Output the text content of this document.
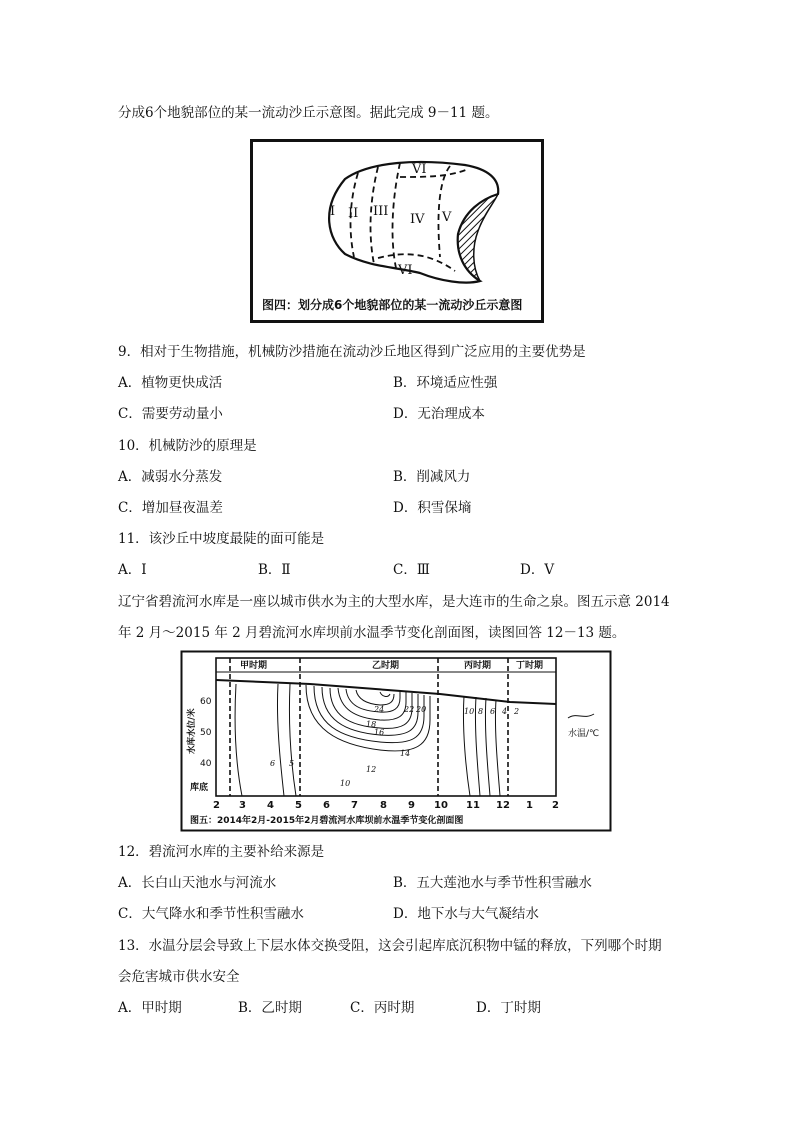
分成6个地貌部位的某一流动沙丘示意图。据此完成 9－11 题。
I II III
IV V
VI
VI
图四：划分成6个地貌部位的某一流动沙丘示意图
9．相对于生物措施，机械防沙措施在流动沙丘地区得到广泛应用的主要优势是
A．植物更快成活	B．环境适应性强
C．需要劳动量小	D．无治理成本
10．机械防沙的原理是
A．减弱水分蒸发	B．削减风力
C．增加昼夜温差	D．积雪保墒
11．该沙丘中坡度最陡的面可能是
A．Ⅰ	B．Ⅱ	C．Ⅲ	D．V
辽宁省碧流河水库是一座以城市供水为主的大型水库，是大连市的生命之泉。图五示意 2014
年 2 月～2015 年 2 月碧流河水库坝前水温季节变化剖面图，读图回答 12－13 题。
甲时期	乙时期	丙时期	丁时期
60
50
40
库底
水库水位/米
2 3 4 5 6 7 8 9 10 11 12 1 2
24 22 20
18
16
14
12
10
6 5
10 8 6 4 2
水温/℃
图五：2014年2月-2015年2月碧流河水库坝前水温季节变化剖面图
12．碧流河水库的主要补给来源是
A．长白山天池水与河流水	B．五大莲池水与季节性积雪融水
C．大气降水和季节性积雪融水	D．地下水与大气凝结水
13．水温分层会导致上下层水体交换受阻，这会引起库底沉积物中锰的释放，下列哪个时期
会危害城市供水安全
A．甲时期	B．乙时期	C．丙时期	D．丁时期
